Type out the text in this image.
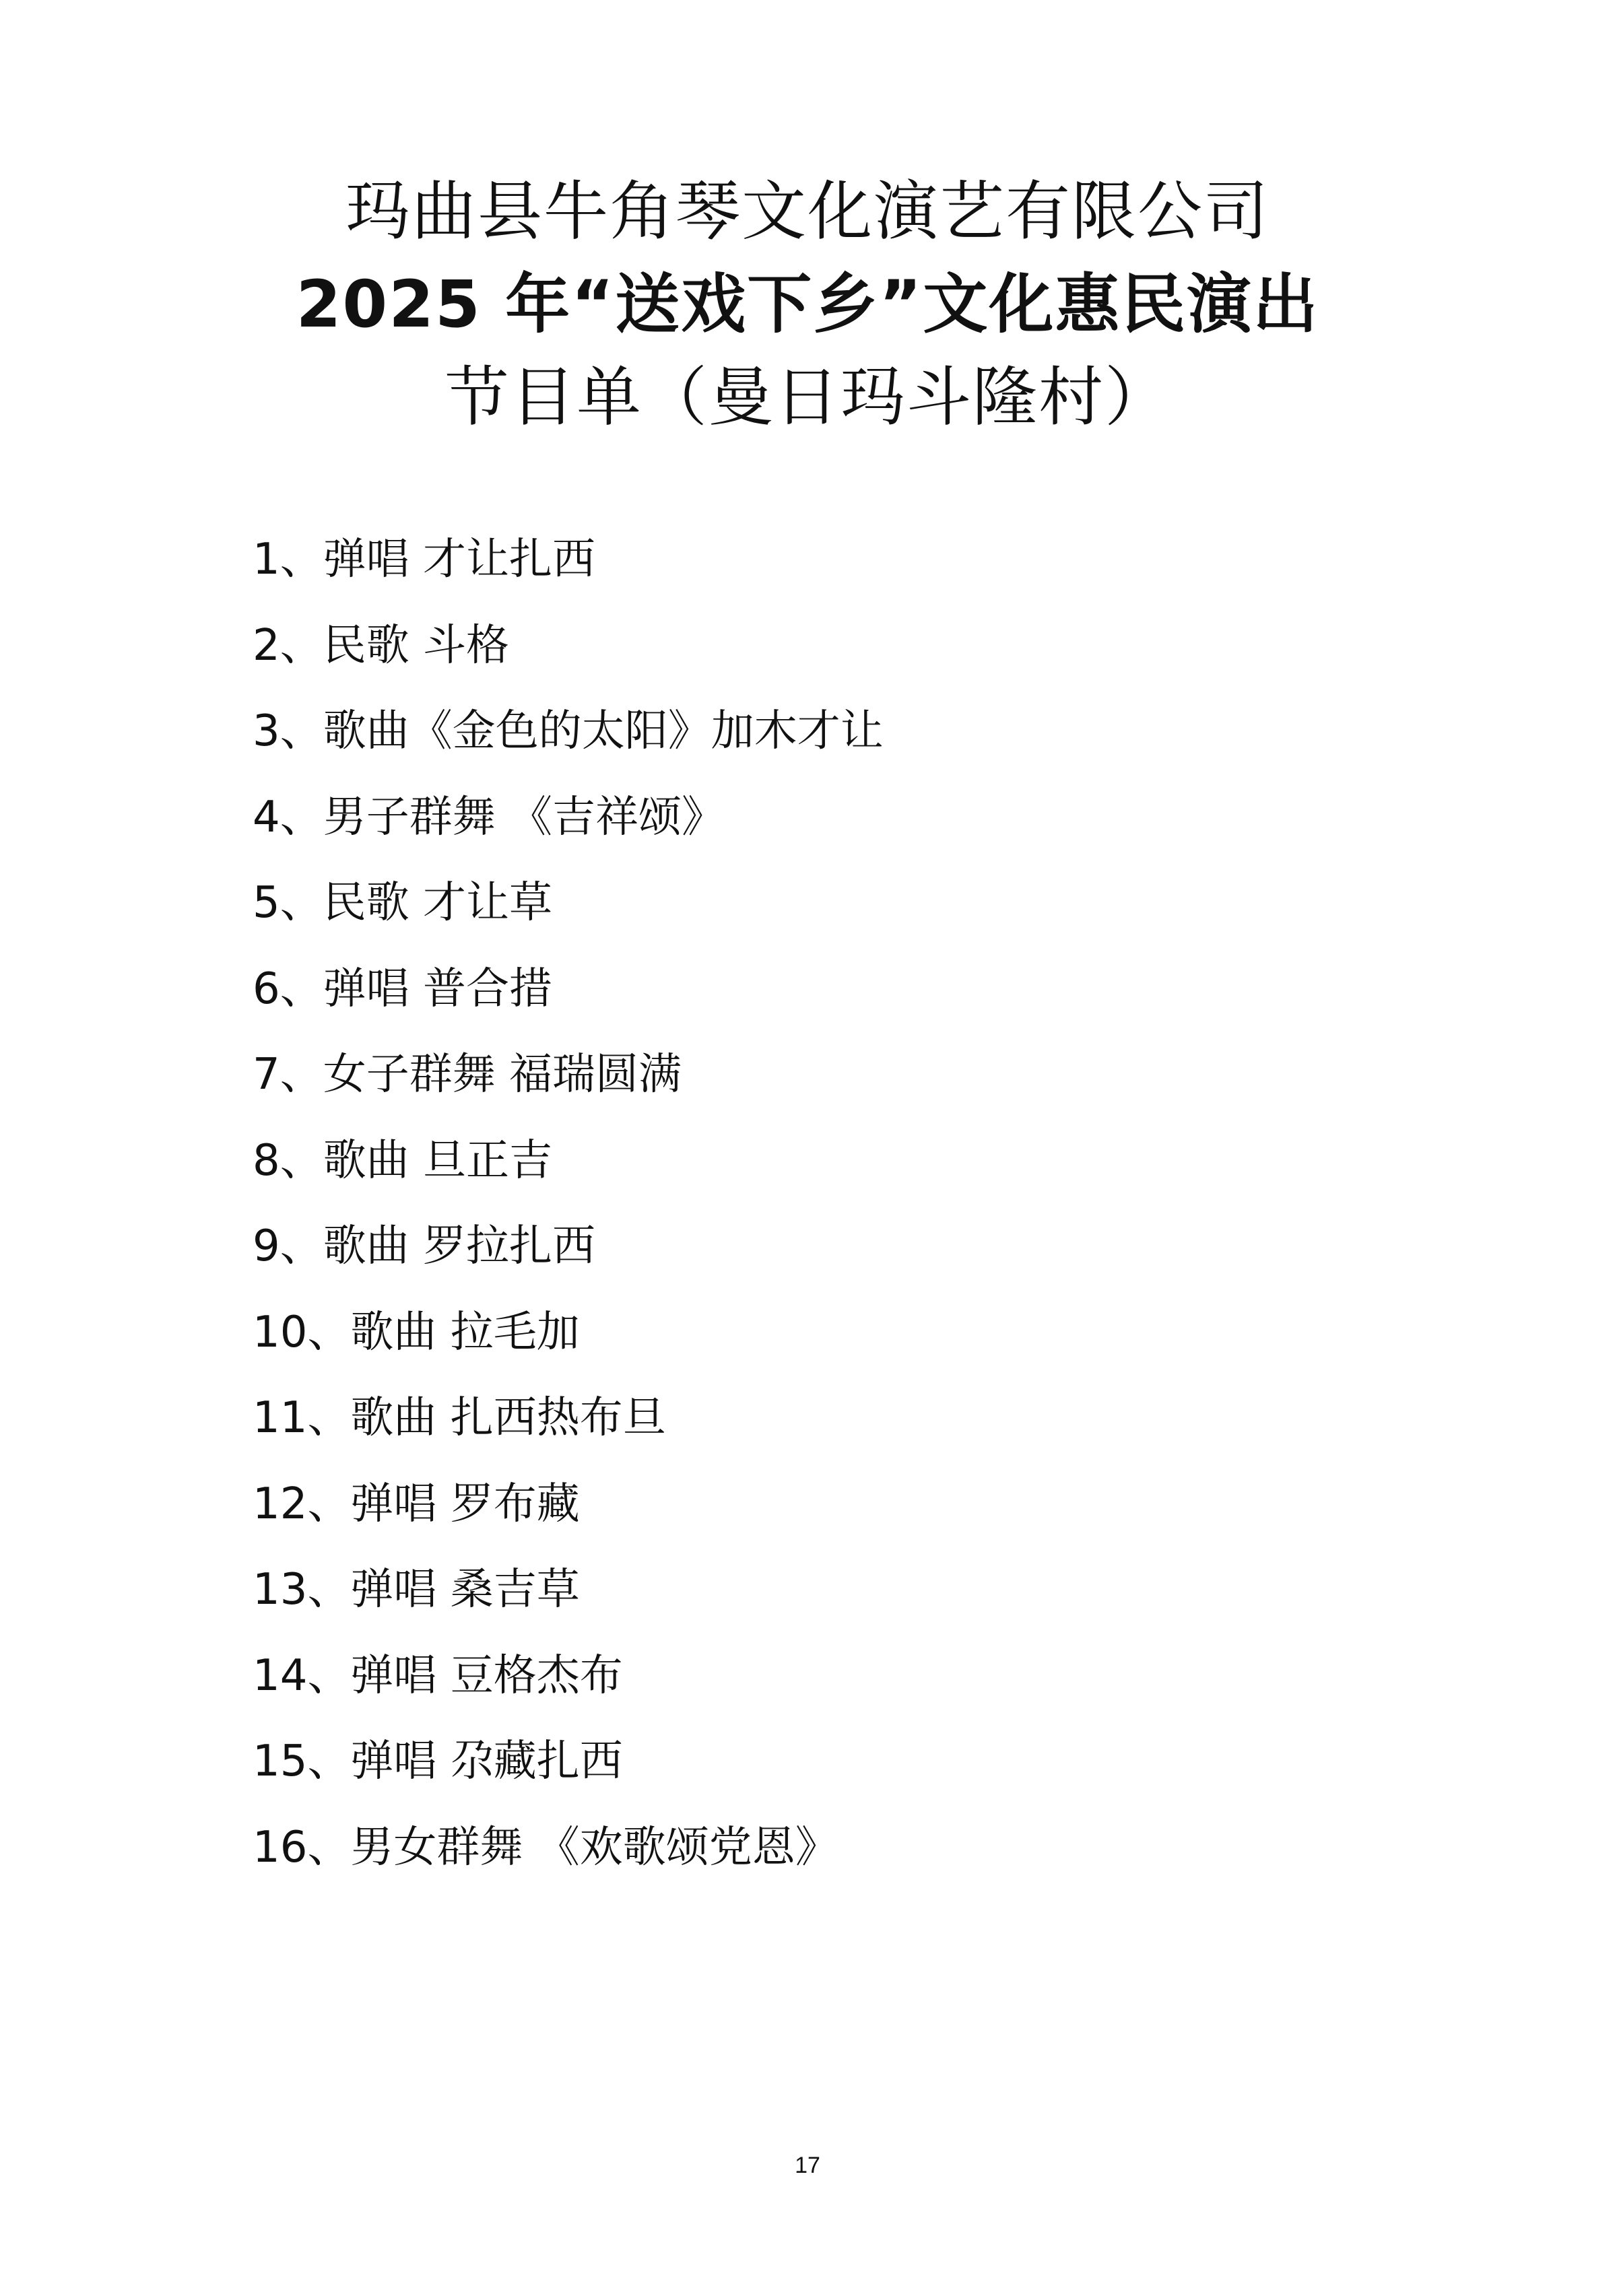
玛曲县牛角琴文化演艺有限公司
2025 年“送戏下乡”文化惠民演出
节目单（曼日玛斗隆村）
1、弹唱 才让扎西
2、民歌 斗格
3、歌曲《金色的太阳》加木才让
4、男子群舞 《吉祥颂》
5、民歌 才让草
6、弹唱 普合措
7、女子群舞 福瑞圆满
8、歌曲 旦正吉
9、歌曲 罗拉扎西
10、歌曲 拉毛加
11、歌曲 扎西热布旦
12、弹唱 罗布藏
13、弹唱 桑吉草
14、弹唱 豆格杰布
15、弹唱 尕藏扎西
16、男女群舞 《欢歌颂党恩》
17
